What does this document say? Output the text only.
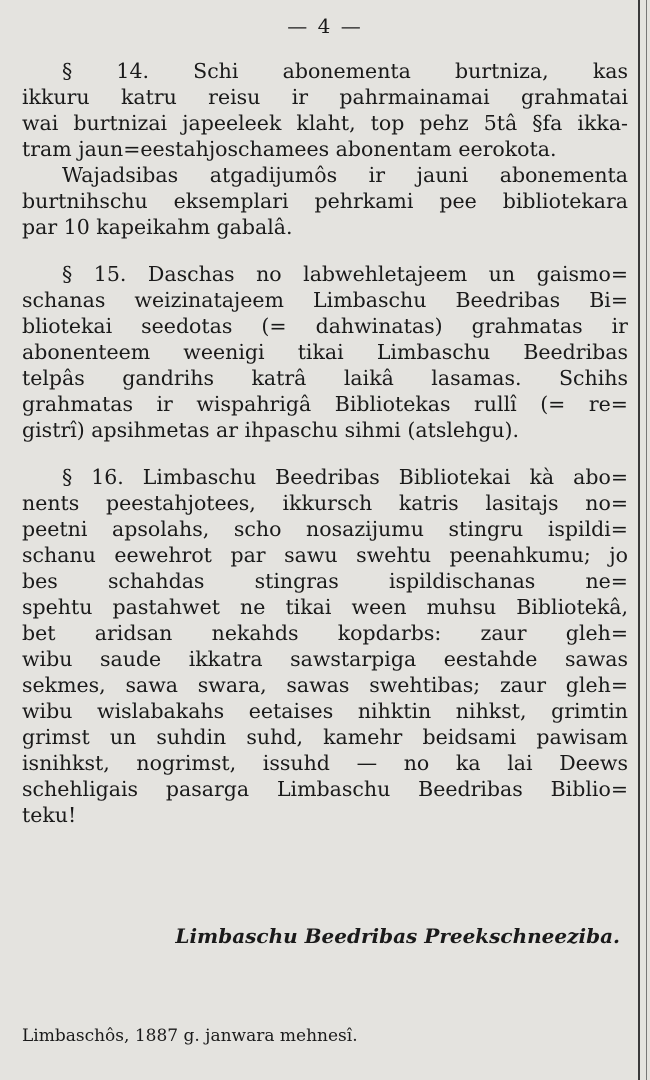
— 4 —
§ 14. Schi abonementa burtniza, kas
ikkuru katru reisu ir pahrmainamai grahmatai
wai burtnizai japeeleek klaht, top pehz 5tâ §fa ikka-
tram jaun=eestahjoschamees abonentam eerokota.
Wajadsibas atgadijumôs ir jauni abonementa
burtnihschu eksemplari pehrkami pee bibliotekara
par 10 kapeikahm gabalâ.
§ 15. Daschas no labwehletajeem un gaismo=
schanas weizinatajeem Limbaschu Beedribas Bi=
bliotekai seedotas (= dahwinatas) grahmatas ir
abonenteem weenigi tikai Limbaschu Beedribas
telpâs gandrihs katrâ laikâ lasamas. Schihs
grahmatas ir wispahrigâ Bibliotekas rullî (= re=
gistrî) apsihmetas ar ihpaschu sihmi (atslehgu).
§ 16. Limbaschu Beedribas Bibliotekai kà abo=
nents peestahjotees, ikkursch katris lasitajs no=
peetni apsolahs, scho nosazijumu stingru ispildi=
schanu eewehrot par sawu swehtu peenahkumu; jo
bes schahdas stingras ispildischanas ne=
spehtu pastahwet ne tikai ween muhsu Bibliotekâ,
bet aridsan nekahds kopdarbs: zaur gleh=
wibu saude ikkatra sawstarpiga eestahde sawas
sekmes, sawa swara, sawas swehtibas; zaur gleh=
wibu wislabakahs eetaises nihktin nihkst, grimtin
grimst un suhdin suhd, kamehr beidsami pawisam
isnihkst, nogrimst, issuhd — no ka lai Deews
schehligais pasarga Limbaschu Beedribas Biblio=
teku!
Limbaschu Beedribas Preekschneeziba.
Limbaschôs, 1887 g. janwara mehnesî.
